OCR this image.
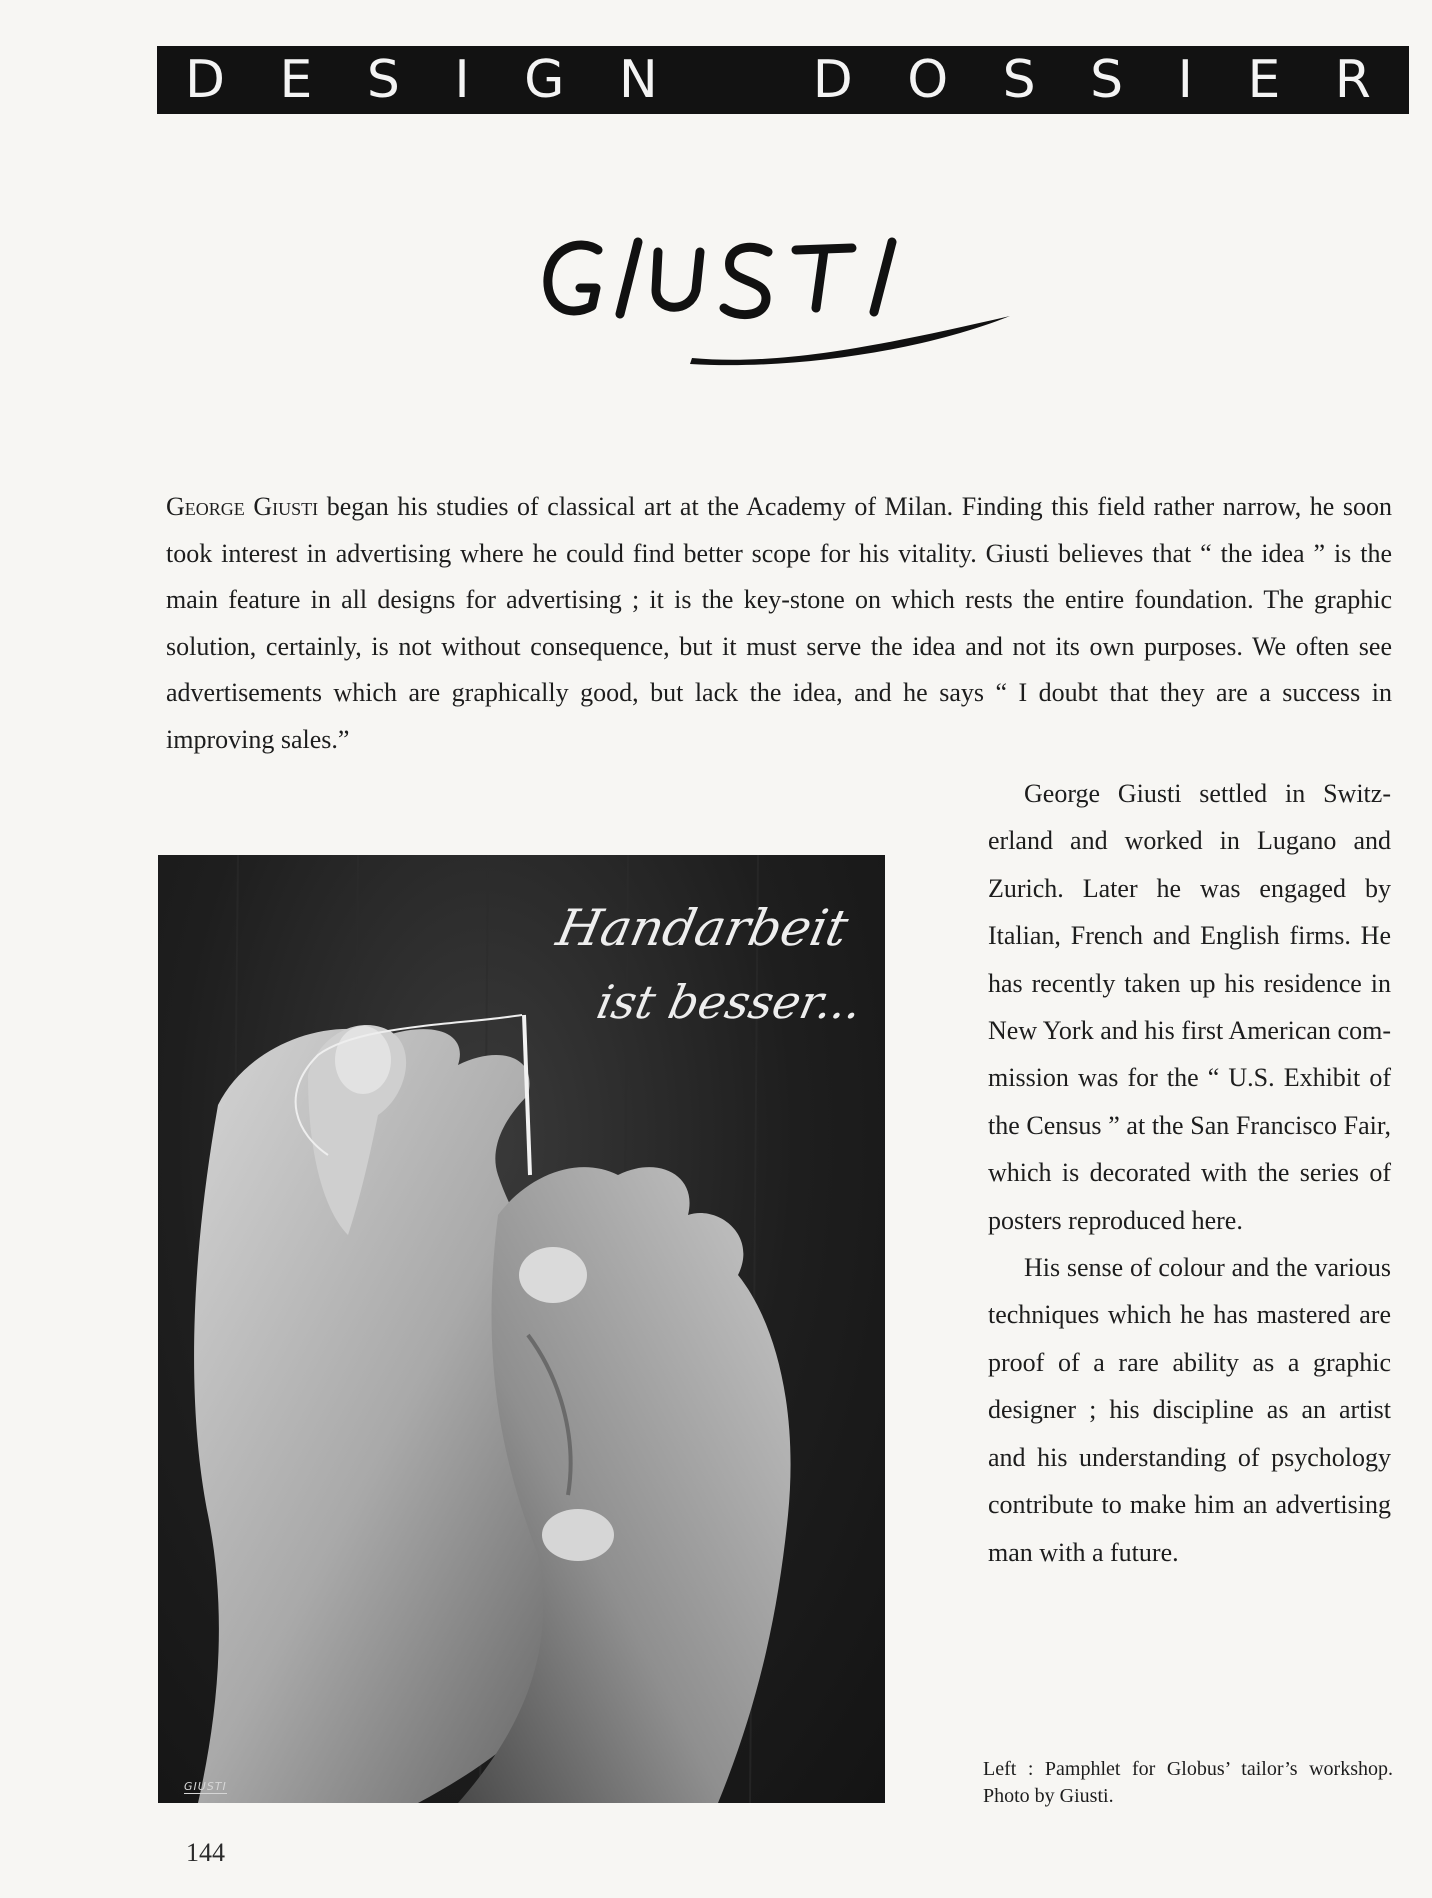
D E S I G N	D O S S I E R

George Giusti began his studies of classical art at the Academy of Milan. Finding this field rather narrow, he soon took interest in advertising where he could find better scope for his vitality. Giusti believes that “ the idea ” is the main feature in all designs for advertising ; it is the key-stone on which rests the entire foundation. The graphic solution, certainly, is not without consequence, but it must serve the idea and not its own purposes. We often see advertisements which are graphically good, but lack the idea, and he says “ I doubt that they are a success in improving sales.”

Handarbeit
ist besser...
GIUSTI

George Giusti settled in Switzerland and worked in Lugano and Zurich. Later he was engaged by Italian, French and English firms. He has recently taken up his residence in New York and his first American commission was for the “ U.S. Exhibit of the Census ” at the San Francisco Fair, which is decorated with the series of posters reproduced here.

His sense of colour and the various techniques which he has mastered are proof of a rare ability as a graphic designer ; his discipline as an artist and his understanding of psychology contribute to make him an advertising man with a future.

Left : Pamphlet for Globus’ tailor’s workshop. Photo by Giusti.

144
